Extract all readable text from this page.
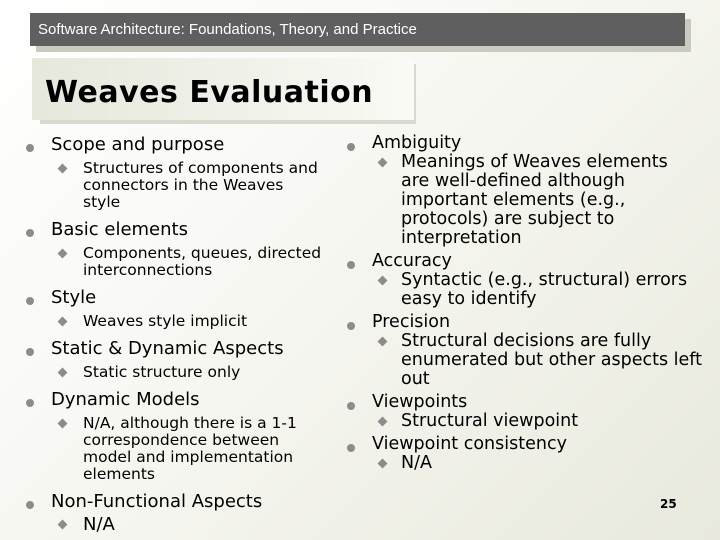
Software Architecture: Foundations, Theory, and Practice
Weaves Evaluation
Scope and purpose
Structures of components and
connectors in the Weaves
style
Basic elements
Components, queues, directed
interconnections
Style
Weaves style implicit
Static & Dynamic Aspects
Static structure only
Dynamic Models
N/A, although there is a 1-1
correspondence between
model and implementation
elements
Non-Functional Aspects
N/A
Ambiguity
Meanings of Weaves elements
are well-defined although
important elements (e.g.,
protocols) are subject to
interpretation
Accuracy
Syntactic (e.g., structural) errors
easy to identify
Precision
Structural decisions are fully
enumerated but other aspects left
out
Viewpoints
Structural viewpoint
Viewpoint consistency
N/A
25
